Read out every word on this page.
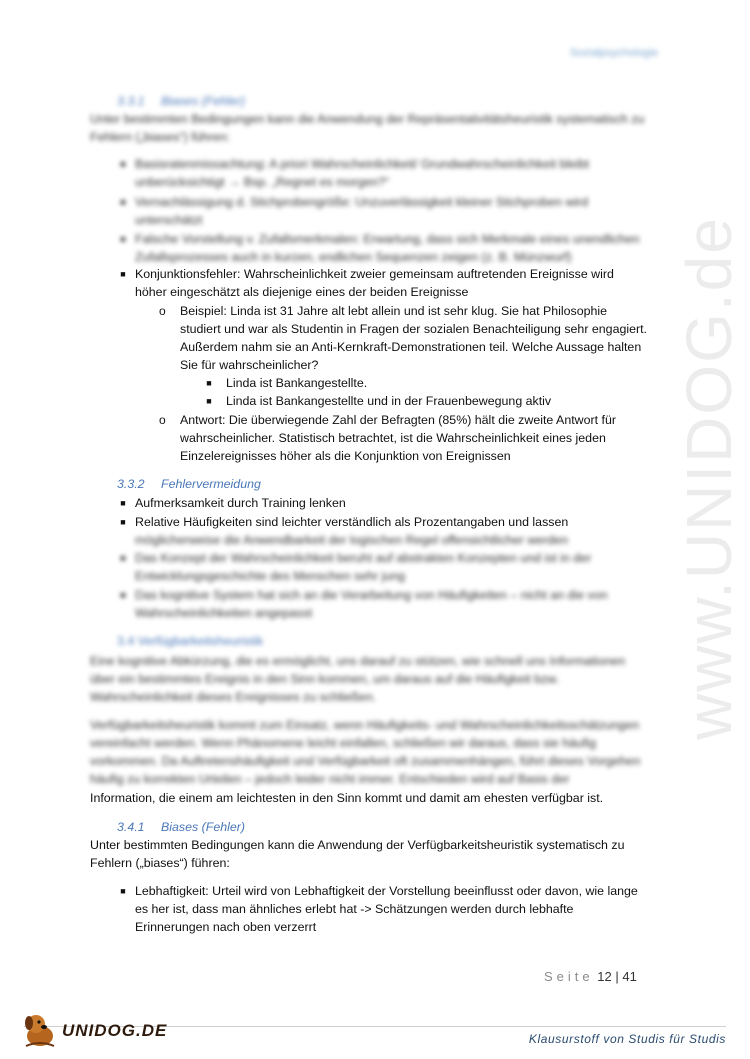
www.UNIDOG.de
Sozialpsychologie
3.3.1 Biases (Fehler)
Unter bestimmten Bedingungen kann die Anwendung der Repräsentativitätsheuristik systematisch zu Fehlern („biases“) führen:
■ Basisratenmissachtung: A priori Wahrscheinlichkeit/ Grundwahrscheinlichkeit bleibt unberücksichtigt → Bsp. „Regnet es morgen?“
■ Vernachlässigung d. Stichprobengröße: Unzuverlässigkeit kleiner Stichproben wird unterschätzt
■ Falsche Vorstellung v. Zufallsmerkmalen: Erwartung, dass sich Merkmale eines unendlichen Zufallsprozesses auch in kurzen, endlichen Sequenzen zeigen (z. B. Münzwurf)
■ Konjunktionsfehler: Wahrscheinlichkeit zweier gemeinsam auftretenden Ereignisse wird
höher eingeschätzt als diejenige eines der beiden Ereignisse
o	Beispiel: Linda ist 31 Jahre alt lebt allein und ist sehr klug. Sie hat Philosophie
studiert und war als Studentin in Fragen der sozialen Benachteiligung sehr engagiert.
Außerdem nahm sie an Anti-Kernkraft-Demonstrationen teil. Welche Aussage halten
Sie für wahrscheinlicher?
■ Linda ist Bankangestellte.
■ Linda ist Bankangestellte und in der Frauenbewegung aktiv
o	Antwort: Die überwiegende Zahl der Befragten (85%) hält die zweite Antwort für
wahrscheinlicher. Statistisch betrachtet, ist die Wahrscheinlichkeit eines jeden
Einzelereignisses höher als die Konjunktion von Ereignissen
3.3.2 Fehlervermeidung
■ Aufmerksamkeit durch Training lenken
■ Relative Häufigkeiten sind leichter verständlich als Prozentangaben und lassen
möglicherweise die Anwendbarkeit der logischen Regel offensichtlicher werden
■ Das Konzept der Wahrscheinlichkeit beruht auf abstrakten Konzepten und ist in der Entwicklungsgeschichte des Menschen sehr jung
■ Das kognitive System hat sich an die Verarbeitung von Häufigkeiten – nicht an die von Wahrscheinlichkeiten angepasst
3.4 Verfügbarkeitsheuristik
Eine kognitive Abkürzung, die es ermöglicht, uns darauf zu stützen, wie schnell uns Informationen über ein bestimmtes Ereignis in den Sinn kommen, um daraus auf die Häufigkeit bzw. Wahrscheinlichkeit dieses Ereignisses zu schließen.
Verfügbarkeitsheuristik kommt zum Einsatz, wenn Häufigkeits- und Wahrscheinlichkeitsschätzungen vereinfacht werden. Wenn Phänomene leicht einfallen, schließen wir daraus, dass sie häufig vorkommen. Da Auftretenshäufigkeit und Verfügbarkeit oft zusammenhängen, führt dieses Vorgehen häufig zu korrekten Urteilen – jedoch leider nicht immer. Entschieden wird auf Basis der
Information, die einem am leichtesten in den Sinn kommt und damit am ehesten verfügbar ist.
3.4.1 Biases (Fehler)
Unter bestimmten Bedingungen kann die Anwendung der Verfügbarkeitsheuristik systematisch zu
Fehlern („biases“) führen:
■ Lebhaftigkeit: Urteil wird von Lebhaftigkeit der Vorstellung beeinflusst oder davon, wie lange
es her ist, dass man ähnliches erlebt hat -> Schätzungen werden durch lebhafte
Erinnerungen nach oben verzerrt
Seite 12 | 41
UNIDOG.DE	Klausurstoff von Studis für Studis
